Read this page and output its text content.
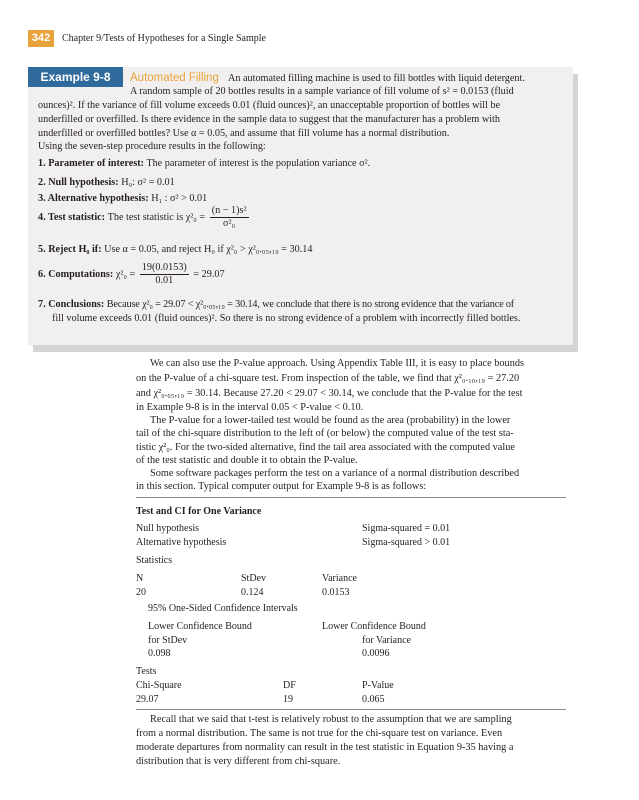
342	Chapter 9/Tests of Hypotheses for a Single Sample
Example 9-8	Automated Filling An automated filling machine is used to fill bottles with liquid detergent.
A random sample of 20 bottles results in a sample variance of fill volume of s² = 0.0153 (fluid
ounces)². If the variance of fill volume exceeds 0.01 (fluid ounces)², an unacceptable proportion of bottles will be
underfilled or overfilled. Is there evidence in the sample data to suggest that the manufacturer has a problem with
underfilled or overfilled bottles? Use α = 0.05, and assume that fill volume has a normal distribution.
Using the seven-step procedure results in the following:
1. Parameter of interest: The parameter of interest is the population variance σ².
2. Null hypothesis: H₀: σ² = 0.01
3. Alternative hypothesis: H₁ : σ² > 0.01
4. Test statistic: The test statistic is $\chi^2_0 = \frac{\text{(n − 1)s²}}{\text{σ²₀}}$
5. Reject H₀ if: Use α = 0.05, and reject H₀ if χ²₀ > χ²₀.₀₅,₁₉ = 30.14
6. Computations: $\chi^2_0 = \frac{19(0.0153)}{0.01} = 29.07$
7. Conclusions: Because χ²₀ = 29.07 < χ²₀.₀₅,₁₉ = 30.14, we conclude that there is no strong evidence that the variance of
fill volume exceeds 0.01 (fluid ounces)². So there is no strong evidence of a problem with incorrectly filled bottles.
We can also use the P-value approach. Using Appendix Table III, it is easy to place bounds
on the P-value of a chi-square test. From inspection of the table, we find that χ²₀.₁₀,₁₉ = 27.20
and χ²₀.₀₅,₁₉ = 30.14. Because 27.20 < 29.07 < 30.14, we conclude that the P-value for the test
in Example 9-8 is in the interval 0.05 < P-value < 0.10.
The P-value for a lower-tailed test would be found as the area (probability) in the lower
tail of the chi-square distribution to the left of (or below) the computed value of the test sta-
tistic χ²₀. For the two-sided alternative, find the tail area associated with the computed value
of the test statistic and double it to obtain the P-value.
Some software packages perform the test on a variance of a normal distribution described
in this section. Typical computer output for Example 9-8 is as follows:
Test and CI for One Variance
Null hypothesis	Sigma-squared = 0.01
Alternative hypothesis	Sigma-squared > 0.01
Statistics
N	StDev	Variance
20	0.124	0.0153
95% One-Sided Confidence Intervals
Lower Confidence Bound	Lower Confidence Bound
for StDev	for Variance
0.098	0.0096
Tests
Chi-Square	DF	P-Value
29.07	19	0.065
Recall that we said that t-test is relatively robust to the assumption that we are sampling
from a normal distribution. The same is not true for the chi-square test on variance. Even
moderate departures from normality can result in the test statistic in Equation 9-35 having a
distribution that is very different from chi-square.
